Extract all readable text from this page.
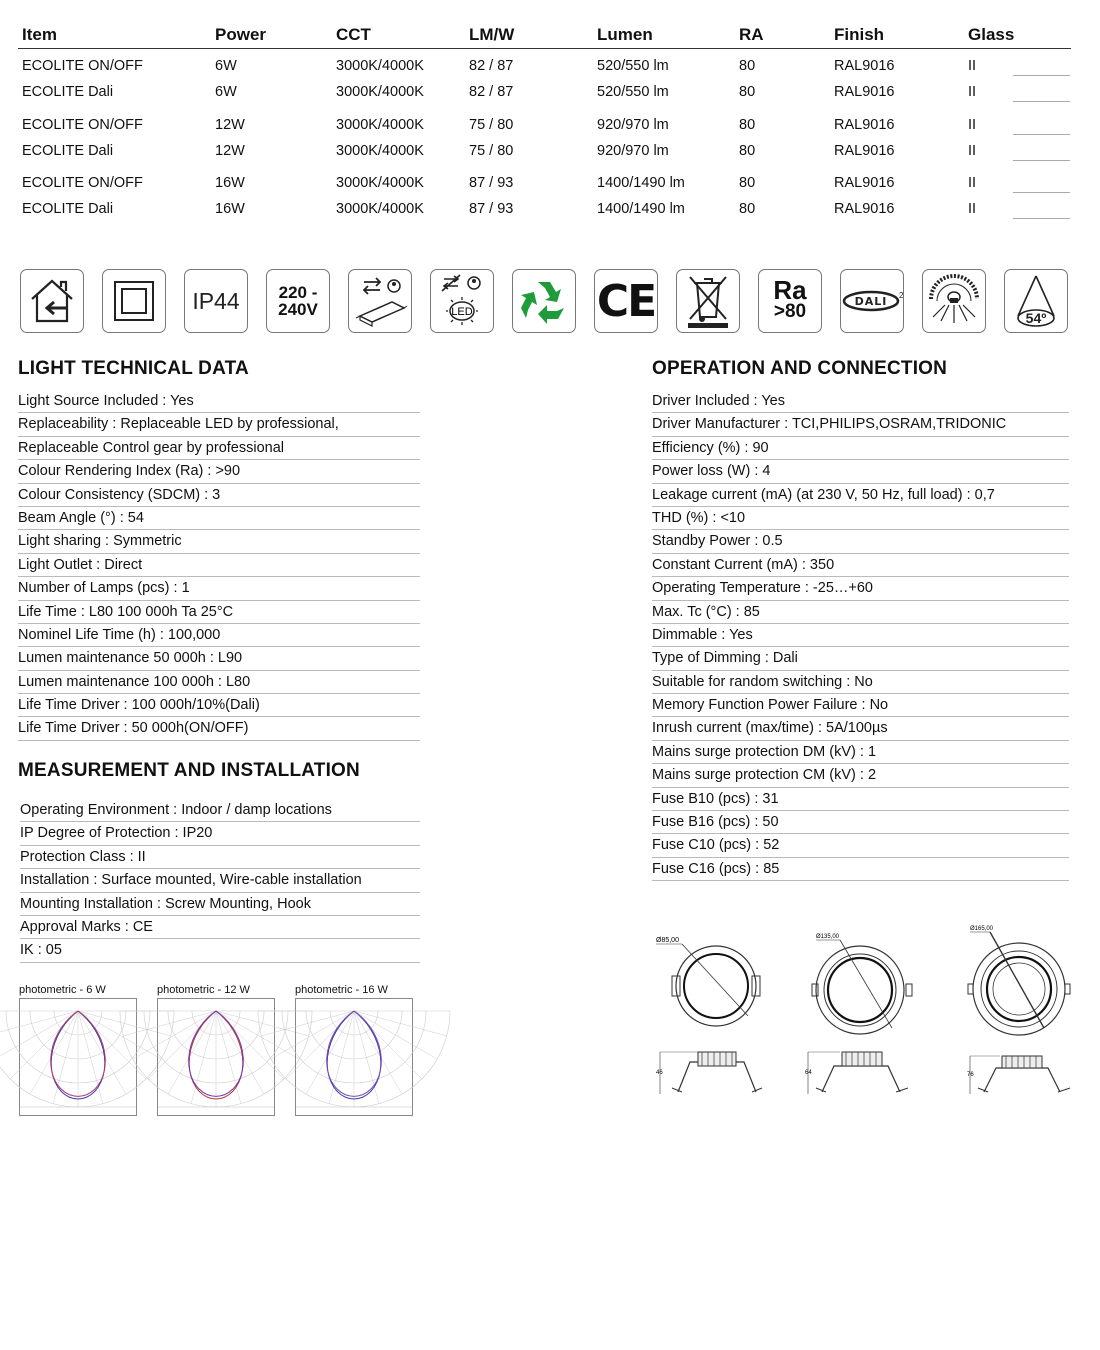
Item	Power	CCT	LM/W	Lumen	RA	Finish	Glass
ECOLITE ON/OFF	6W	3000K/4000K	82 / 87	520/550 lm	80	RAL9016	II
ECOLITE Dali	6W	3000K/4000K	82 / 87	520/550 lm	80	RAL9016	II
ECOLITE ON/OFF	12W	3000K/4000K	75 / 80	920/970 lm	80	RAL9016	II
ECOLITE Dali	12W	3000K/4000K	75 / 80	920/970 lm	80	RAL9016	II
ECOLITE ON/OFF	16W	3000K/4000K	87 / 93	1400/1490 lm	80	RAL9016	II
ECOLITE Dali	16W	3000K/4000K	87 / 93	1400/1490 lm	80	RAL9016	II
IP44 220 -
240V	LED	CE	Ra
>80	DALI 2
54º
LIGHT TECHNICAL DATA
Light Source Included : Yes
Replaceability : Replaceable LED by professional,
Replaceable Control gear by professional
Colour Rendering Index (Ra) : >90
Colour Consistency (SDCM) : 3
Beam Angle (°) : 54
Light sharing : Symmetric
Light Outlet : Direct
Number of Lamps (pcs) : 1
Life Time : L80 100 000h Ta 25°C
Nominel Life Time (h) : 100,000
Lumen maintenance 50 000h : L90
Lumen maintenance 100 000h : L80
Life Time Driver : 100 000h/10%(Dali)
Life Time Driver : 50 000h(ON/OFF)
MEASUREMENT AND INSTALLATION
Operating Environment : Indoor / damp locations
IP Degree of Protection : IP20
Protection Class : II
Installation : Surface mounted, Wire-cable installation
Mounting Installation : Screw Mounting, Hook
Approval Marks : CE
IK : 05
OPERATION AND CONNECTION
Driver Included : Yes
Driver Manufacturer : TCI,PHILIPS,OSRAM,TRIDONIC
Efficiency (%) : 90
Power loss (W) : 4
Leakage current (mA) (at 230 V, 50 Hz, full load) : 0,7
THD (%) : <10
Standby Power : 0.5
Constant Current (mA) : 350
Operating Temperature : -25…+60
Max. Tc (°C) : 85
Dimmable : Yes
Type of Dimming : Dali
Suitable for random switching : No
Memory Function Power Failure : No
Inrush current (max/time) : 5A/100µs
Mains surge protection DM (kV) : 1
Mains surge protection CM (kV) : 2
Fuse B10 (pcs) : 31
Fuse B16 (pcs) : 50
Fuse C10 (pcs) : 52
Fuse C16 (pcs) : 85
photometric - 6 W	photometric - 12 W	photometric - 16 W
Ø85,00
46
Ø135,00
64
Ø165,00
76
